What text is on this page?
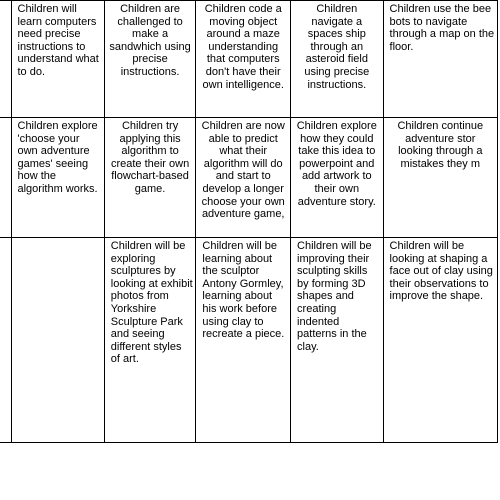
	Children will learn computers need precise instructions to understand what to do.	Children are challenged to make a sandwhich using precise instructions.	Children code a moving object around a maze understanding that computers don't have their own intelligence.	Children navigate a spaces ship through an asteroid field using precise instructions.	Children use the bee bots to navigate through a map on the floor.

	Children explore 'choose your own adventure games' seeing how the algorithm works.	Children try applying this algorithm to create their own flowchart-based game.	Children are now able to predict what their algorithm will do and start to develop a longer choose your own adventure game,	Children explore how they could take this idea to powerpoint and add artwork to their own adventure story.	Children continue adventure stor looking through a mistakes they m

		Children will be exploring sculptures by looking at exhibit photos from Yorkshire Sculpture Park and seeing different styles of art.	Children will be learning about the sculptor Antony Gormley, learning about his work before using clay to recreate a piece.	Children will be improving their sculpting skills by forming 3D shapes and creating indented patterns in the clay.	Children will be looking at shaping a face out of clay using their observations to improve the shape.
